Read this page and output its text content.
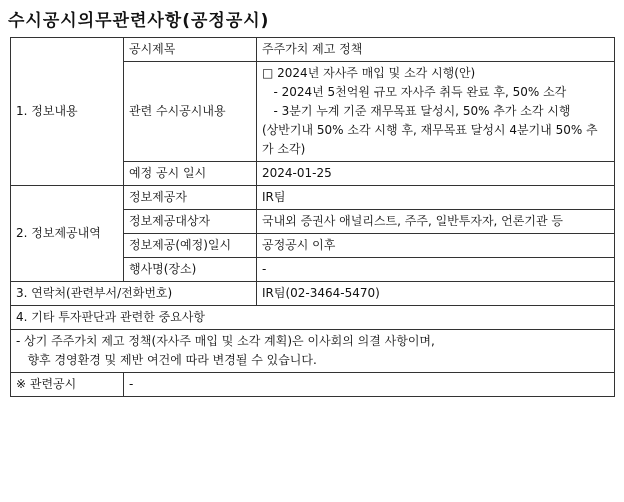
수시공시의무관련사항(공정공시)
1. 정보내용	공시제목	주주가치 제고 정책
	관련 수시공시내용	□ 2024년 자사주 매입 및 소각 시행(안)
- 2024년 5천억원 규모 자사주 취득 완료 후, 50% 소각
- 3분기 누계 기준 재무목표 달성시, 50% 추가 소각 시행
(상반기내 50% 소각 시행 후, 재무목표 달성시 4분기내 50% 추가 소각)

	예정 공시 일시	2024-01-25
2. 정보제공내역	정보제공자	IR팀
	정보제공대상자	국내외 증권사 애널리스트, 주주, 일반투자자, 언론기관 등
	정보제공(예정)일시	공정공시 이후
	행사명(장소)	-
3. 연락처(관련부서/전화번호)		IR팀(02-3464-5470)
4. 기타 투자판단과 관련한 중요사항		

- 상기 주주가치 제고 정책(자사주 매입 및 소각 계획)은 이사회의 의결 사항이며,
향후 경영환경 및 제반 여건에 따라 변경될 수 있습니다.		

※ 관련공시	-	
